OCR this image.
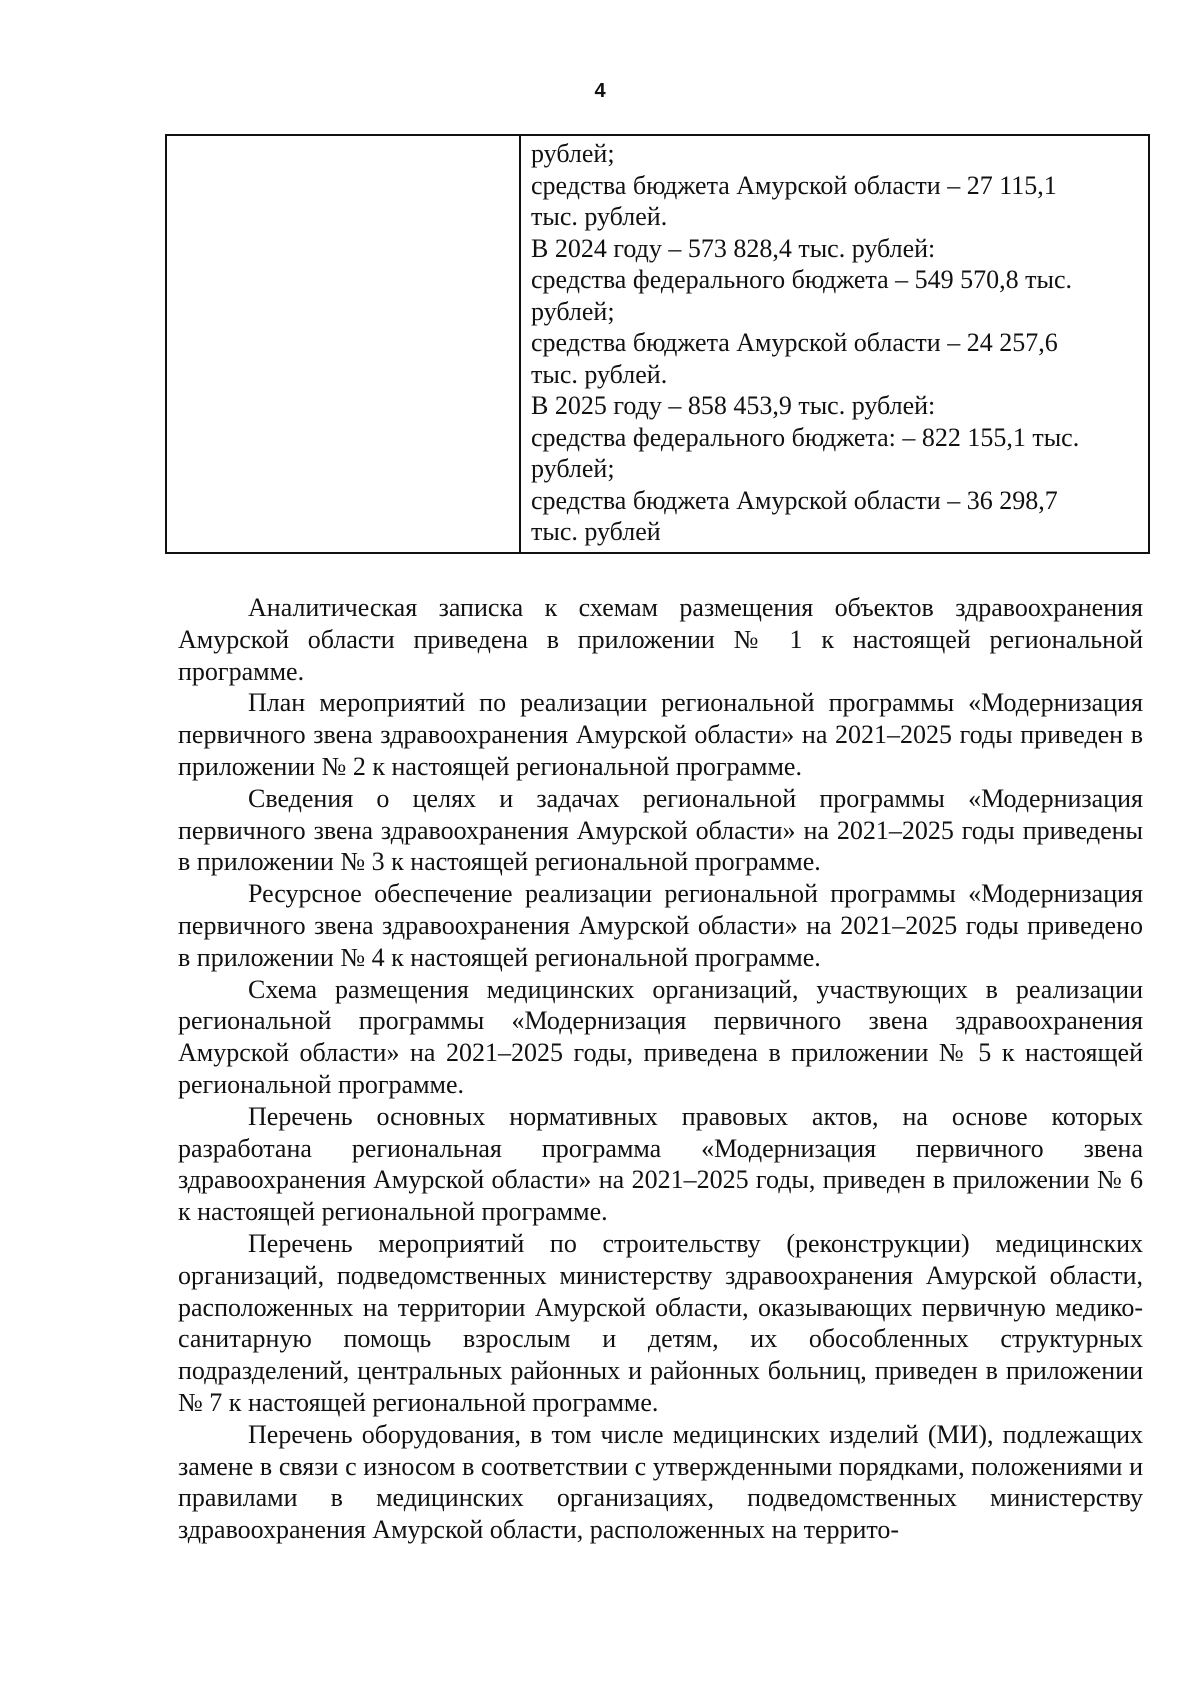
4

рублей;
средства бюджета Амурской области – 27 115,1
тыс. рублей.
В 2024 году – 573 828,4 тыс. рублей:
средства федерального бюджета – 549 570,8 тыс.
рублей;
средства бюджета Амурской области – 24 257,6
тыс. рублей.
В 2025 году – 858 453,9 тыс. рублей:
средства федерального бюджета: – 822 155,1 тыс.
рублей;
средства бюджета Амурской области – 36 298,7
тыс. рублей

Аналитическая записка к схемам размещения объектов здравоохранения Амурской области приведена в приложении № 1 к настоящей региональной программе.

План мероприятий по реализации региональной программы «Модернизация первичного звена здравоохранения Амурской области» на 2021–2025 годы приведен в приложении № 2 к настоящей региональной программе.

Сведения о целях и задачах региональной программы «Модернизация первичного звена здравоохранения Амурской области» на 2021–2025 годы приведены в приложении № 3 к настоящей региональной программе.

Ресурсное обеспечение реализации региональной программы «Модернизация первичного звена здравоохранения Амурской области» на 2021–2025 годы приведено в приложении № 4 к настоящей региональной программе.

Схема размещения медицинских организаций, участвующих в реализации региональной программы «Модернизация первичного звена здравоохранения Амурской области» на 2021–2025 годы, приведена в приложении № 5 к настоящей региональной программе.

Перечень основных нормативных правовых актов, на основе которых разработана региональная программа «Модернизация первичного звена здравоохранения Амурской области» на 2021–2025 годы, приведен в приложении № 6 к настоящей региональной программе.

Перечень мероприятий по строительству (реконструкции) медицинских организаций, подведомственных министерству здравоохранения Амурской области, расположенных на территории Амурской области, оказывающих первичную медико-санитарную помощь взрослым и детям, их обособленных структурных подразделений, центральных районных и районных больниц, приведен в приложении № 7 к настоящей региональной программе.

Перечень оборудования, в том числе медицинских изделий (МИ), подлежащих замене в связи с износом в соответствии с утвержденными порядками, положениями и правилами в медицинских организациях, подведомственных министерству здравоохранения Амурской области, расположенных на террито-
